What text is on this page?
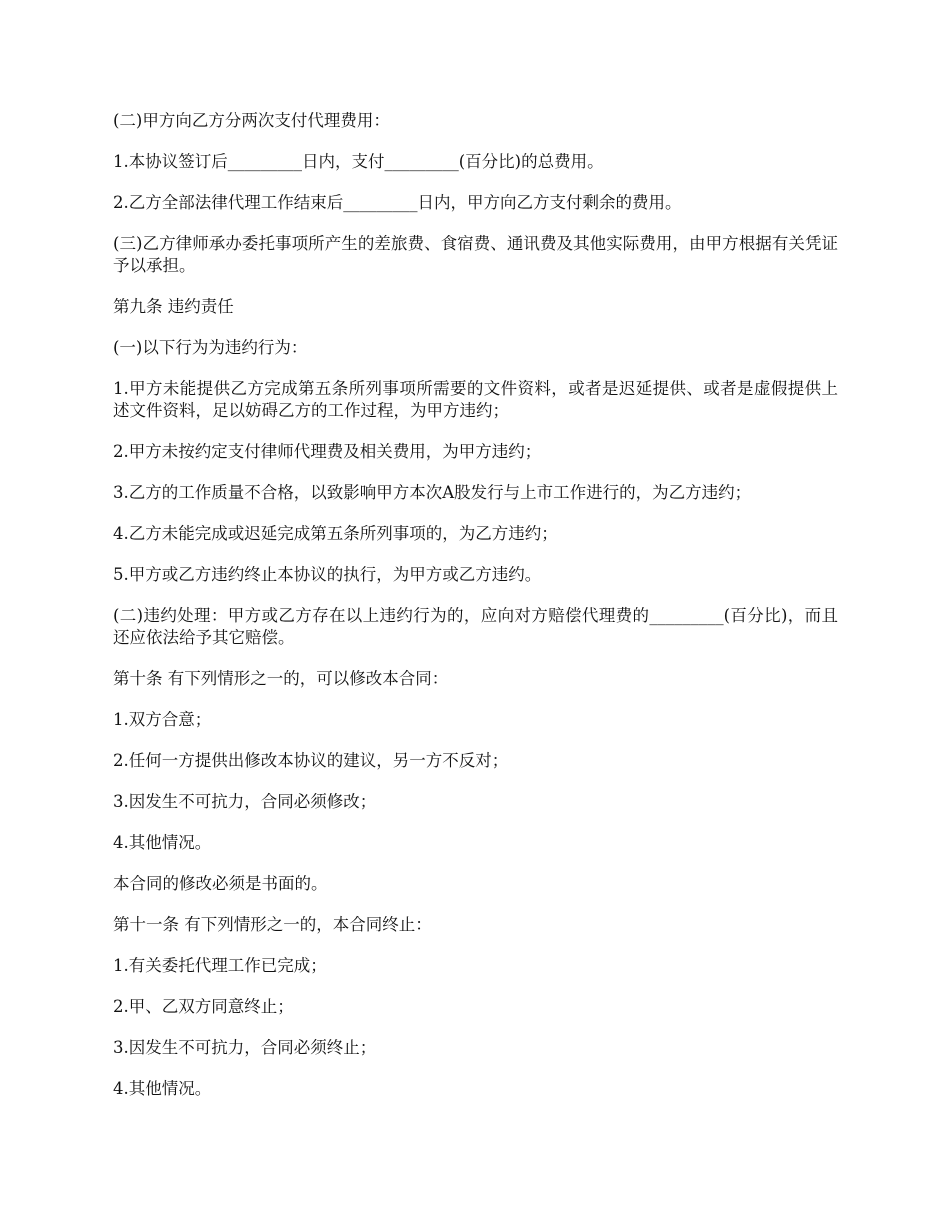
(二)甲方向乙方分两次支付代理费用：

1.本协议签订后_________日内，支付_________(百分比)的总费用。

2.乙方全部法律代理工作结束后_________日内，甲方向乙方支付剩余的费用。

(三)乙方律师承办委托事项所产生的差旅费、食宿费、通讯费及其他实际费用，由甲方根据有关凭证予以承担。

第九条 违约责任

(一)以下行为为违约行为：

1.甲方未能提供乙方完成第五条所列事项所需要的文件资料，或者是迟延提供、或者是虚假提供上述文件资料，足以妨碍乙方的工作过程，为甲方违约；

2.甲方未按约定支付律师代理费及相关费用，为甲方违约；

3.乙方的工作质量不合格，以致影响甲方本次A股发行与上市工作进行的，为乙方违约；

4.乙方未能完成或迟延完成第五条所列事项的，为乙方违约；

5.甲方或乙方违约终止本协议的执行，为甲方或乙方违约。

(二)违约处理：甲方或乙方存在以上违约行为的，应向对方赔偿代理费的_________(百分比)，而且还应依法给予其它赔偿。

第十条 有下列情形之一的，可以修改本合同：

1.双方合意；

2.任何一方提供出修改本协议的建议，另一方不反对；

3.因发生不可抗力，合同必须修改；

4.其他情况。

本合同的修改必须是书面的。

第十一条 有下列情形之一的，本合同终止：

1.有关委托代理工作已完成；

2.甲、乙双方同意终止；

3.因发生不可抗力，合同必须终止；

4.其他情况。
